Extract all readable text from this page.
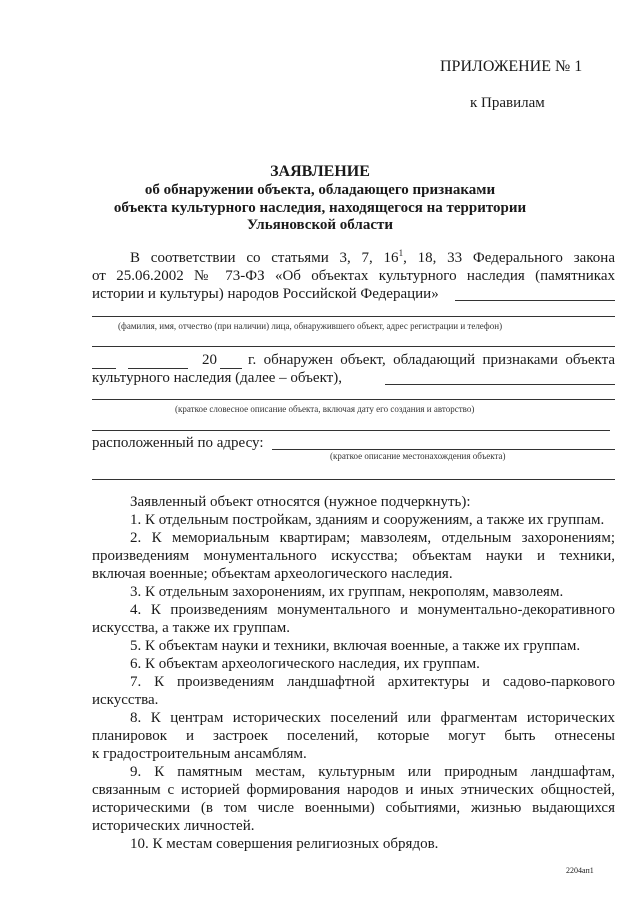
ПРИЛОЖЕНИЕ № 1
к Правилам
ЗАЯВЛЕНИЕ
об обнаружении объекта, обладающего признаками
объекта культурного наследия, находящегося на территории
Ульяновской области
В соответствии со статьями 3, 7, $16^1$, 18, 33 Федерального закона
от 25.06.2002 № 73-ФЗ «Об объектах культурного наследия (памятниках
истории и культуры) народов Российской Федерации»
(фамилия, имя, отчество (при наличии) лица, обнаружившего объект, адрес регистрации и телефон)
20 г. обнаружен объект, обладающий признаками объекта
культурного наследия (далее – объект),
(краткое словесное описание объекта, включая дату его создания и авторство)
расположенный по адресу:
(краткое описание местонахождения объекта)
Заявленный объект относятся (нужное подчеркнуть):
1. К отдельным постройкам, зданиям и сооружениям, а также их группам.
2. К мемориальным квартирам; мавзолеям, отдельным захоронениям;
произведениям монументального искусства; объектам науки и техники,
включая военные; объектам археологического наследия.
3. К отдельным захоронениям, их группам, некрополям, мавзолеям.
4. К произведениям монументального и монументально-декоративного
искусства, а также их группам.
5. К объектам науки и техники, включая военные, а также их группам.
6. К объектам археологического наследия, их группам.
7. К произведениям ландшафтной архитектуры и садово-паркового
искусства.
8. К центрам исторических поселений или фрагментам исторических
планировок и застроек поселений, которые могут быть отнесены
к градостроительным ансамблям.
9. К памятным местам, культурным или природным ландшафтам,
связанным с историей формирования народов и иных этнических общностей,
историческими (в том числе военными) событиями, жизнью выдающихся
исторических личностей.
10. К местам совершения религиозных обрядов.
2204ап1
